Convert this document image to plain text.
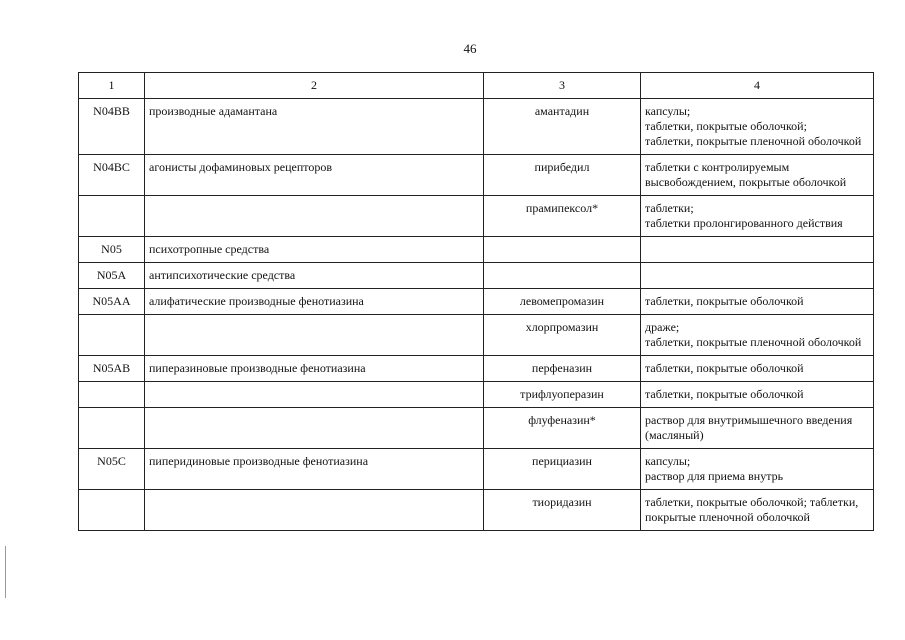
46
1	2	3	4
N04BB	производные адамантана	амантадин	капсулы;
таблетки, покрытые оболочкой;
таблетки, покрытые пленочной оболочкой
N04BC	агонисты дофаминовых рецепторов	пирибедил	таблетки с контролируемым высвобождением, покрытые оболочкой
		прамипексол*	таблетки;
таблетки пролонгированного действия
N05	психотропные средства		
N05A	антипсихотические средства		
N05AA	алифатические производные фенотиазина	левомепромазин	таблетки, покрытые оболочкой
		хлорпромазин	драже;
таблетки, покрытые пленочной оболочкой
N05AB	пиперазиновые производные фенотиазина	перфеназин	таблетки, покрытые оболочкой
		трифлуоперазин	таблетки, покрытые оболочкой
		флуфеназин*	раствор для внутримышечного введения (масляный)
N05C	пиперидиновые производные фенотиазина	перициазин	капсулы;
раствор для приема внутрь
		тиоридазин	таблетки, покрытые оболочкой; таблетки, покрытые пленочной оболочкой
